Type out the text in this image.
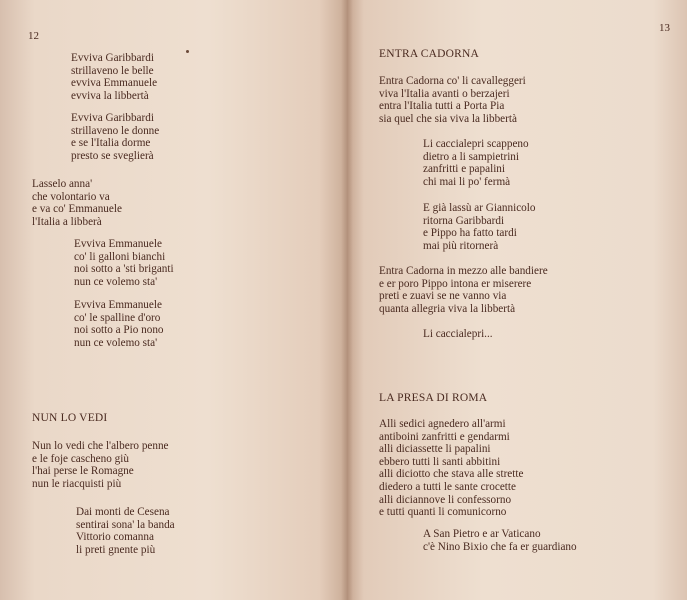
12
Evviva Garibbardi
strillaveno le belle
evviva Emmanuele
evviva la libbertà
Evviva Garibbardi
strillaveno le donne
e se l'Italia dorme
presto se sveglierà
Lasselo anna'
che volontario va
e va co' Emmanuele
l'Italia a libberà
Evviva Emmanuele
co' li galloni bianchi
noi sotto a 'sti briganti
nun ce volemo sta'
Evviva Emmanuele
co' le spalline d'oro
noi sotto a Pio nono
nun ce volemo sta'
NUN LO VEDI
Nun lo vedi che l'albero penne
e le foje cascheno giù
l'hai perse le Romagne
nun le riacquisti più
Dai monti de Cesena
sentirai sona' la banda
Vittorio comanna
li preti gnente più
13
ENTRA CADORNA
Entra Cadorna co' li cavalleggeri
viva l'Italia avanti o berzajeri
entra l'Italia tutti a Porta Pia
sia quel che sia viva la libbertà
Li caccialepri scappeno
dietro a li sampietrini
zanfritti e papalini
chi mai li po' fermà
E già lassù ar Giannicolo
ritorna Garibbardi
e Pippo ha fatto tardi
mai più ritornerà
Entra Cadorna in mezzo alle bandiere
e er poro Pippo intona er miserere
preti e zuavi se ne vanno via
quanta allegria viva la libbertà
Li caccialepri...
LA PRESA DI ROMA
Alli sedici agnedero all'armi
antiboini zanfritti e gendarmi
alli diciassette li papalini
ebbero tutti li santi abbitini
alli diciotto che stava alle strette
diedero a tutti le sante crocette
alli diciannove li confessorno
e tutti quanti li comunicorno
A San Pietro e ar Vaticano
c'è Nino Bixio che fa er guardiano
